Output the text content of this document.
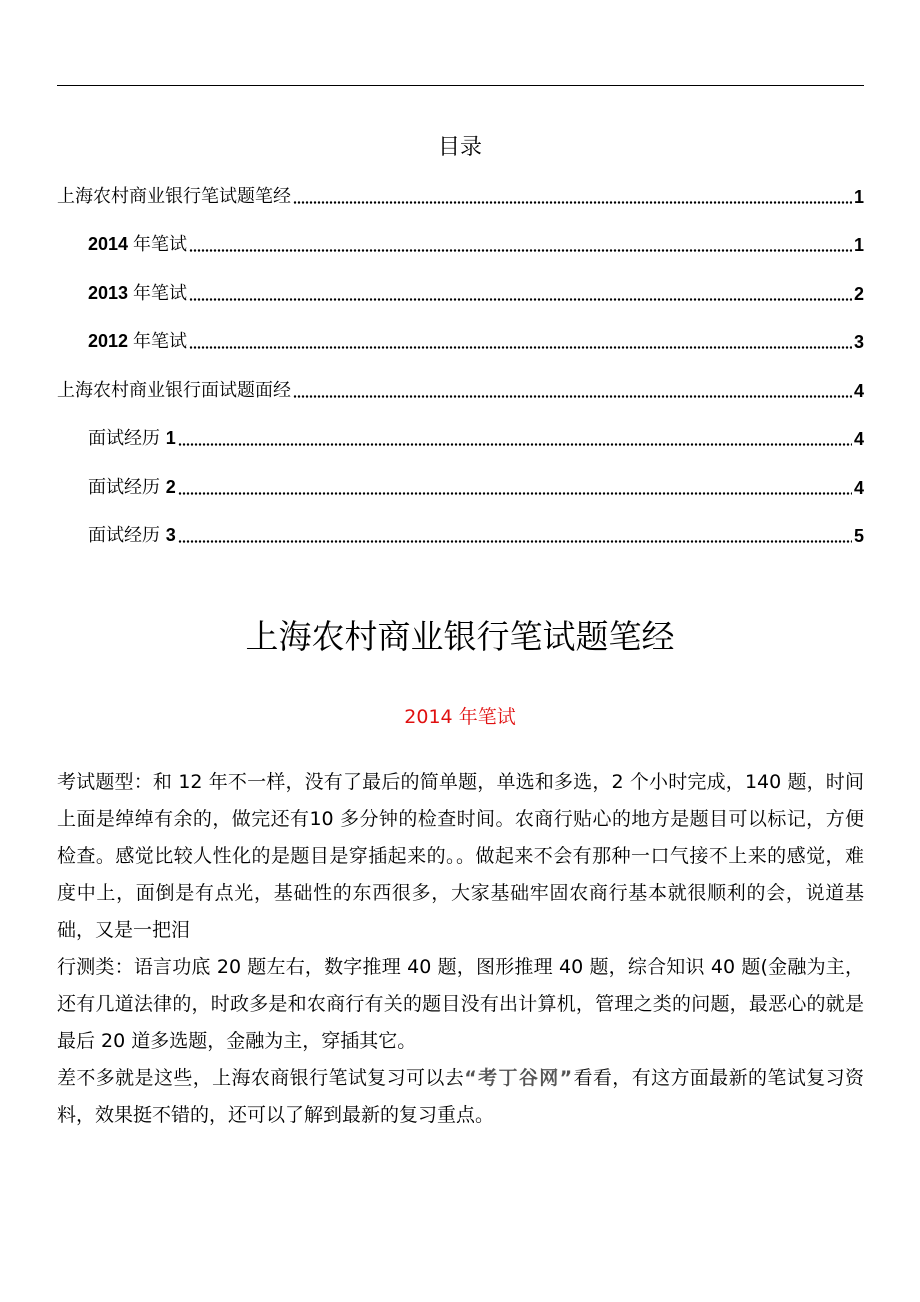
目录
上海农村商业银行笔试题笔经	1
2014 年笔试	1
2013 年笔试	2
2012 年笔试	3
上海农村商业银行面试题面经	4
面试经历 1	4
面试经历 2	4
面试经历 3	5
上海农村商业银行笔试题笔经
2014 年笔试

考试题型：和 12 年不一样，没有了最后的简单题，单选和多选，2 个小时完成，140 题，时间上面是绰绰有余的，做完还有10 多分钟的检查时间。农商行贴心的地方是题目可以标记，方便检查。感觉比较人性化的是题目是穿插起来的。。做起来不会有那种一口气接不上来的感觉，难度中上，面倒是有点光，基础性的东西很多，大家基础牢固农商行基本就很顺利的会，说道基础，又是一把泪

行测类：语言功底 20 题左右，数字推理 40 题，图形推理 40 题，综合知识 40 题(金融为主，还有几道法律的，时政多是和农商行有关的题目没有出计算机，管理之类的问题，最恶心的就是最后 20 道多选题，金融为主，穿插其它。

差不多就是这些，上海农商银行笔试复习可以去“考丁谷网”看看，有这方面最新的笔试复习资料，效果挺不错的，还可以了解到最新的复习重点。
